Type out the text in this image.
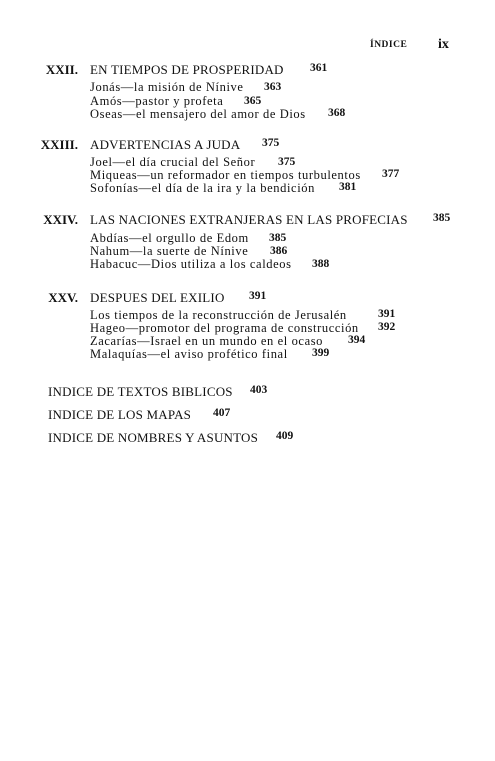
ÍNDICE ix
XXII. EN TIEMPOS DE PROSPERIDAD 361
Jonás—la misión de Nínive 363
Amós—pastor y profeta 365
Oseas—el mensajero del amor de Dios 368
XXIII. ADVERTENCIAS A JUDA 375
Joel—el día crucial del Señor 375
Miqueas—un reformador en tiempos turbulentos 377
Sofonías—el día de la ira y la bendición 381
XXIV. LAS NACIONES EXTRANJERAS EN LAS PROFECIAS 385
Abdías—el orgullo de Edom 385
Nahum—la suerte de Nínive 386
Habacuc—Dios utiliza a los caldeos 388
XXV. DESPUES DEL EXILIO 391
Los tiempos de la reconstrucción de Jerusalén	391
Hageo—promotor del programa de construcción 392
Zacarías—Israel en un mundo en el ocaso 394
Malaquías—el aviso profético final 399
INDICE DE TEXTOS BIBLICOS 403
INDICE DE LOS MAPAS 407
INDICE DE NOMBRES Y ASUNTOS 409
